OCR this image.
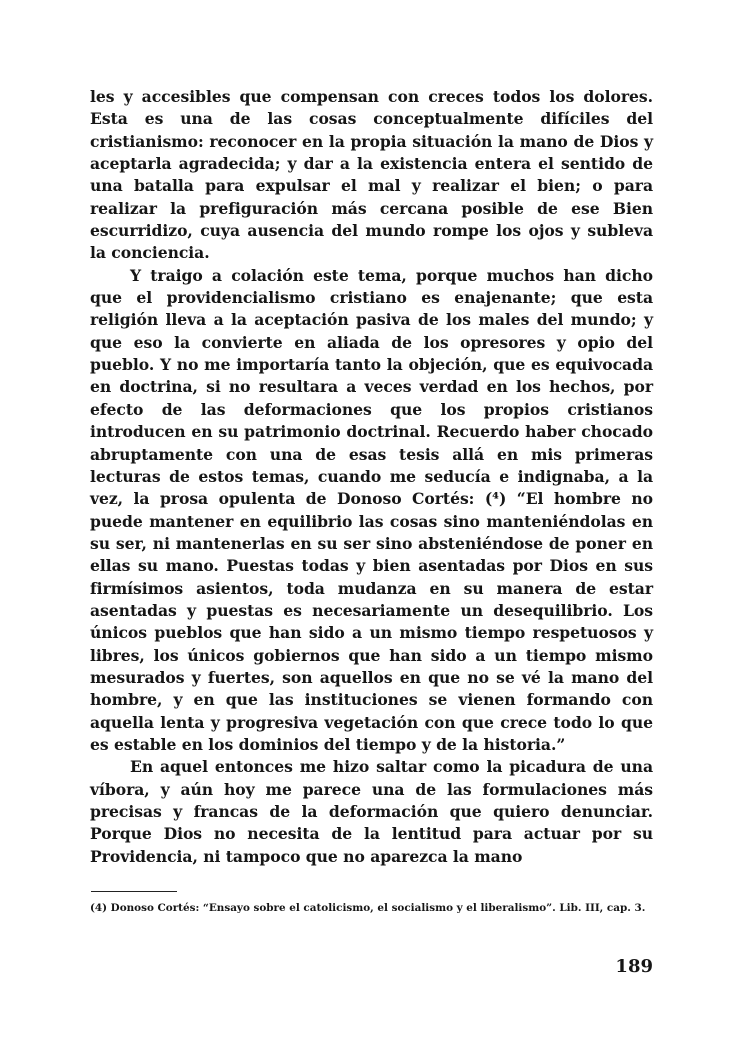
les y accesibles que compensan con creces todos los dolores. Esta es una de las cosas conceptualmente difíciles del cristianismo: reconocer en la propia situación la mano de Dios y aceptarla agradecida; y dar a la existencia entera el sentido de una batalla para expulsar el mal y realizar el bien; o para realizar la prefiguración más cercana posible de ese Bien escurridizo, cuya ausencia del mundo rompe los ojos y subleva la conciencia.

Y traigo a colación este tema, porque muchos han dicho que el providencialismo cristiano es enajenante; que esta religión lleva a la aceptación pasiva de los males del mundo; y que eso la convierte en aliada de los opresores y opio del pueblo. Y no me importaría tanto la objeción, que es equivocada en doctrina, si no resultara a veces verdad en los hechos, por efecto de las deformaciones que los propios cristianos introducen en su patrimonio doctrinal. Recuerdo haber chocado abruptamente con una de esas tesis allá en mis primeras lecturas de estos temas, cuando me seducía e indignaba, a la vez, la prosa opulenta de Donoso Cortés: (⁴) “El hombre no puede mantener en equilibrio las cosas sino manteniéndolas en su ser, ni mantenerlas en su ser sino absteniéndose de poner en ellas su mano. Puestas todas y bien asentadas por Dios en sus firmísimos asientos, toda mudanza en su manera de estar asentadas y puestas es necesariamente un desequilibrio. Los únicos pueblos que han sido a un mismo tiempo respetuosos y libres, los únicos gobiernos que han sido a un tiempo mismo mesurados y fuertes, son aquellos en que no se vé la mano del hombre, y en que las instituciones se vienen formando con aquella lenta y progresiva vegetación con que crece todo lo que es estable en los dominios del tiempo y de la historia.”

En aquel entonces me hizo saltar como la picadura de una víbora, y aún hoy me parece una de las formulaciones más precisas y francas de la deformación que quiero denunciar. Porque Dios no necesita de la lentitud para actuar por su Providencia, ni tampoco que no aparezca la mano

(4) Donoso Cortés: “Ensayo sobre el catolicismo, el socialismo y el liberalismo”. Lib. III, cap. 3.

189
